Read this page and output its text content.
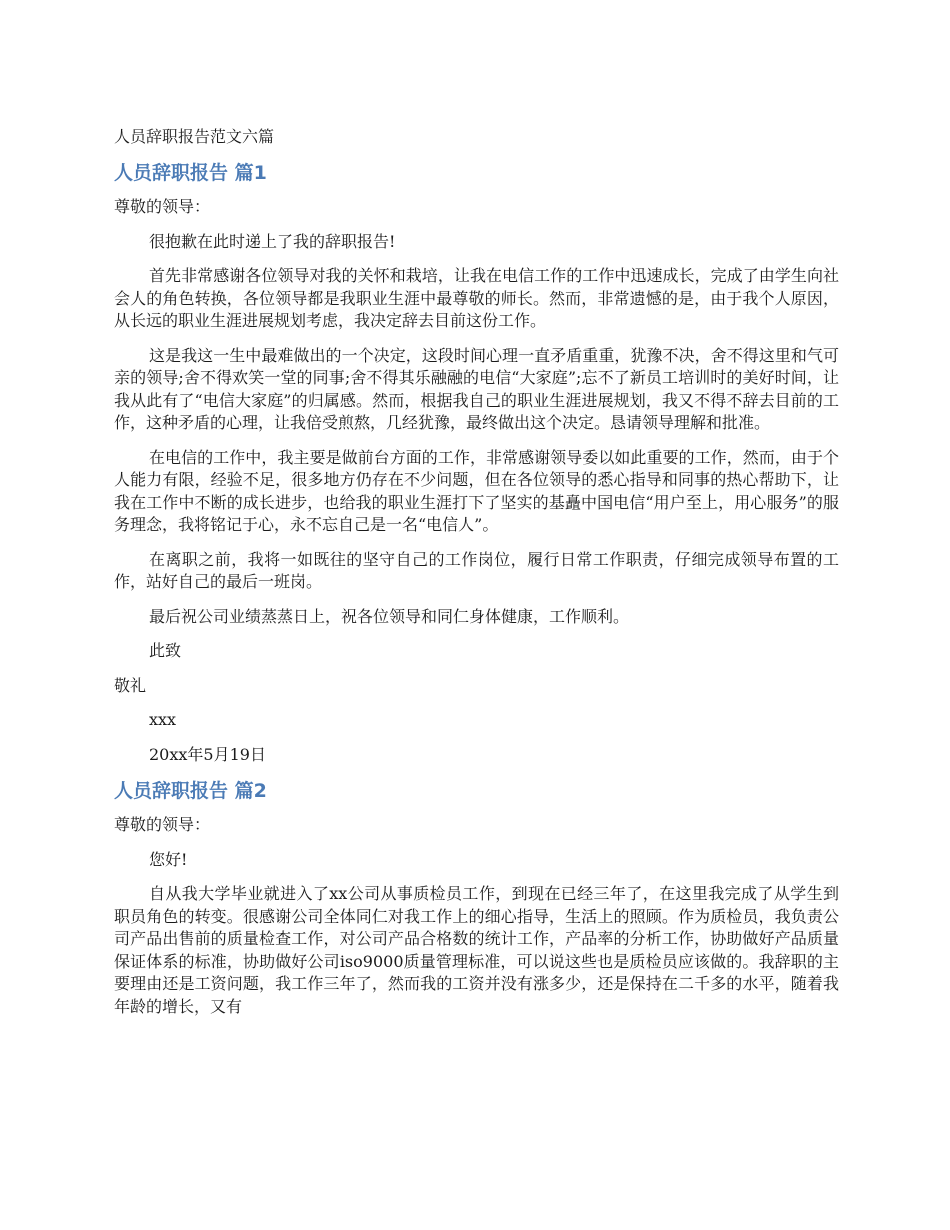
人员辞职报告范文六篇
人员辞职报告 篇1
尊敬的领导：
很抱歉在此时递上了我的辞职报告!
首先非常感谢各位领导对我的关怀和栽培，让我在电信工作的工作中迅速成长，完成了由学生向社会人的角色转换，各位领导都是我职业生涯中最尊敬的师长。然而，非常遗憾的是，由于我个人原因，从长远的职业生涯进展规划考虑，我决定辞去目前这份工作。
这是我这一生中最难做出的一个决定，这段时间心理一直矛盾重重，犹豫不决，舍不得这里和气可亲的领导;舍不得欢笑一堂的同事;舍不得其乐融融的电信“大家庭”;忘不了新员工培训时的美好时间，让我从此有了“电信大家庭”的归属感。然而，根据我自己的职业生涯进展规划，我又不得不辞去目前的工作，这种矛盾的心理，让我倍受煎熬，几经犹豫，最终做出这个决定。恳请领导理解和批准。
在电信的工作中，我主要是做前台方面的工作，非常感谢领导委以如此重要的工作，然而，由于个人能力有限，经验不足，很多地方仍存在不少问题，但在各位领导的悉心指导和同事的热心帮助下，让我在工作中不断的成长进步，也给我的职业生涯打下了坚实的基矗中国电信“用户至上，用心服务”的服务理念，我将铭记于心，永不忘自己是一名“电信人”。
在离职之前，我将一如既往的坚守自己的工作岗位，履行日常工作职责，仔细完成领导布置的工作，站好自己的最后一班岗。
最后祝公司业绩蒸蒸日上，祝各位领导和同仁身体健康，工作顺利。
此致
敬礼
xxx
20xx年5月19日
人员辞职报告 篇2
尊敬的领导：
您好!
自从我大学毕业就进入了xx公司从事质检员工作，到现在已经三年了，在这里我完成了从学生到职员角色的转变。很感谢公司全体同仁对我工作上的细心指导，生活上的照顾。作为质检员，我负责公司产品出售前的质量检查工作，对公司产品合格数的统计工作，产品率的分析工作，协助做好产品质量保证体系的标准，协助做好公司iso9000质量管理标准，可以说这些也是质检员应该做的。我辞职的主要理由还是工资问题，我工作三年了，然而我的工资并没有涨多少，还是保持在二千多的水平，随着我年龄的增长，又有
